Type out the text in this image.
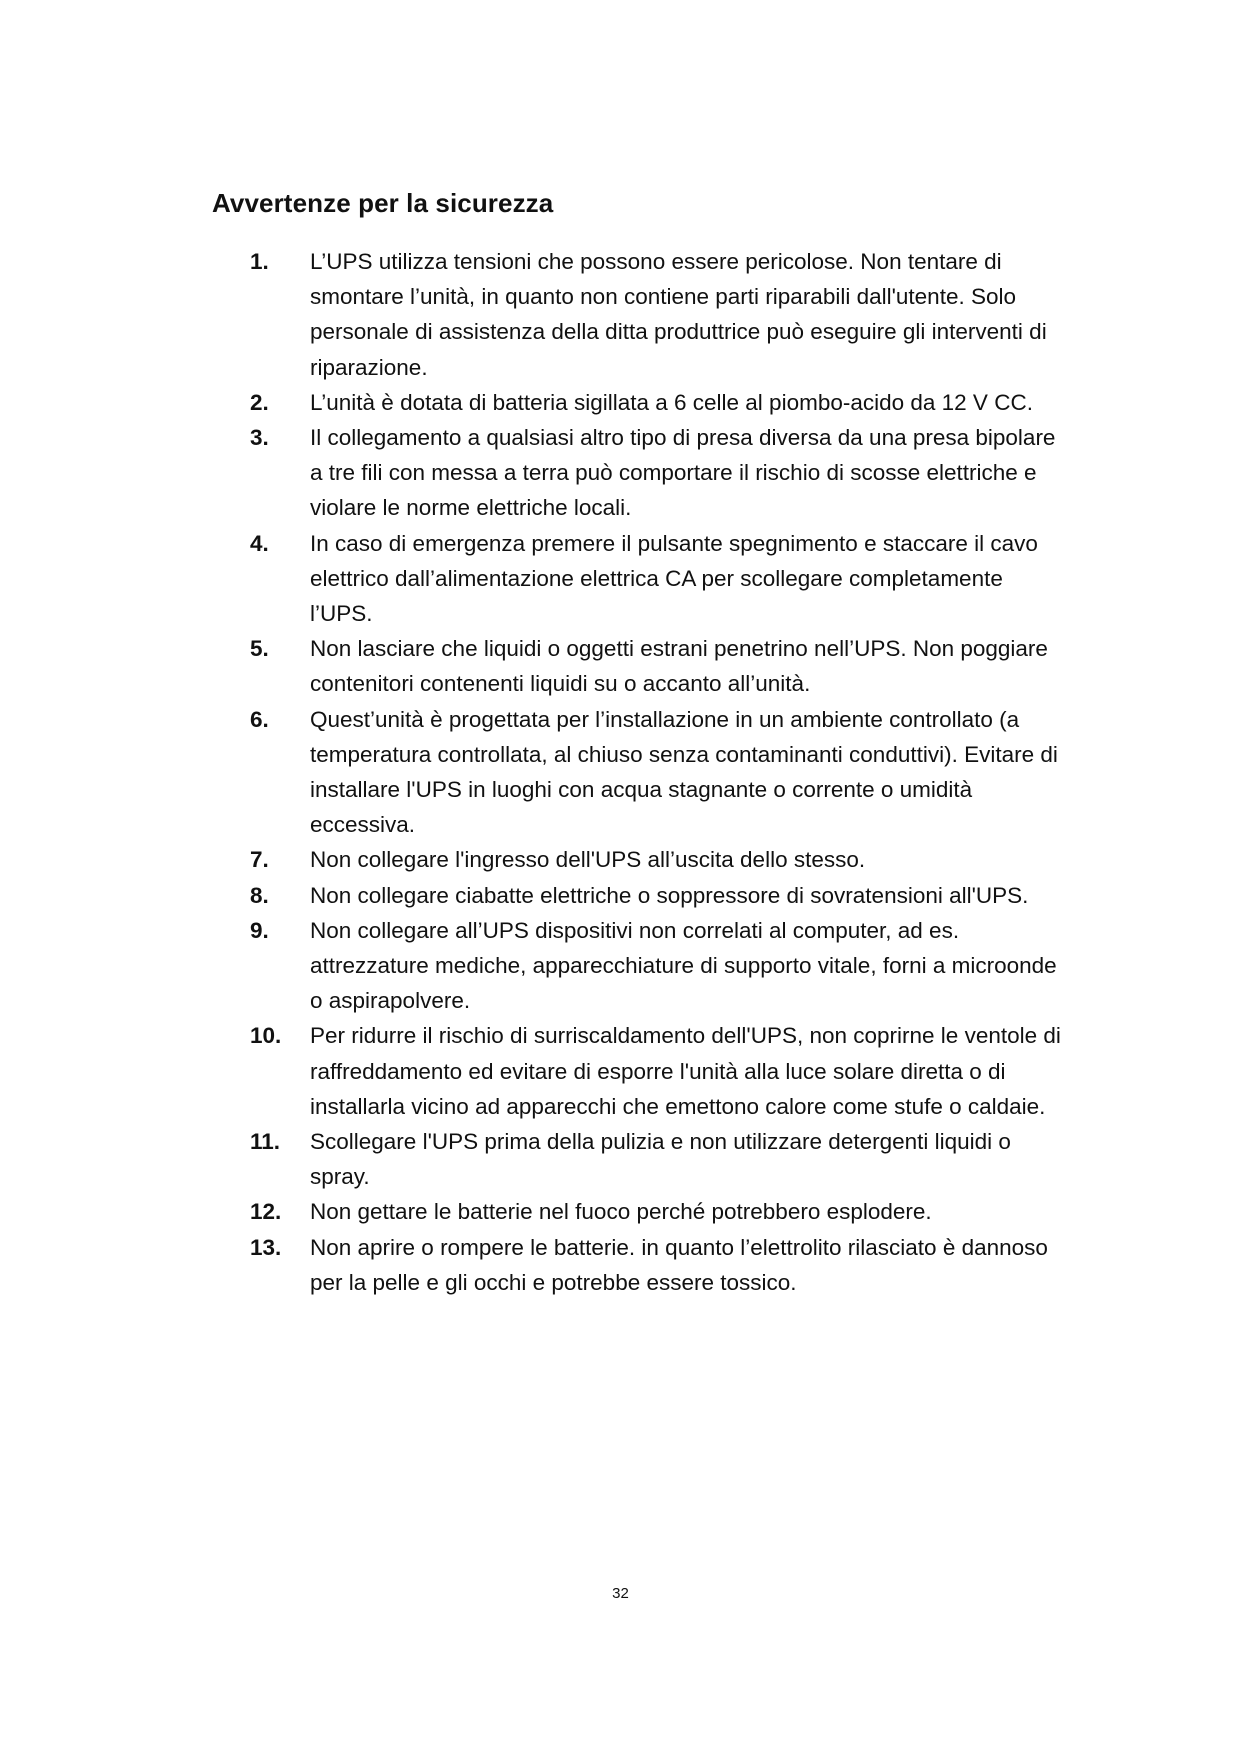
Avvertenze per la sicurezza
1.	L’UPS utilizza tensioni che possono essere pericolose. Non tentare di smontare l’unità, in quanto non contiene parti riparabili dall'utente. Solo personale di assistenza della ditta produttrice può eseguire gli interventi di riparazione.
2.	L’unità è dotata di batteria sigillata a 6 celle al piombo-acido da 12 V CC.
3.	Il collegamento a qualsiasi altro tipo di presa diversa da una presa bipolare a tre fili con messa a terra può comportare il rischio di scosse elettriche e violare le norme elettriche locali.
4.	In caso di emergenza premere il pulsante spegnimento e staccare il cavo elettrico dall’alimentazione elettrica CA per scollegare completamente l’UPS.
5.	Non lasciare che liquidi o oggetti estrani penetrino nell’UPS. Non poggiare contenitori contenenti liquidi su o accanto all’unità.
6.	Quest’unità è progettata per l’installazione in un ambiente controllato (a temperatura controllata, al chiuso senza contaminanti conduttivi). Evitare di installare l'UPS in luoghi con acqua stagnante o corrente o umidità eccessiva.
7.	Non collegare l'ingresso dell'UPS all’uscita dello stesso.
8.	Non collegare ciabatte elettriche o soppressore di sovratensioni all'UPS.
9.	Non collegare all’UPS dispositivi non correlati al computer, ad es. attrezzature mediche, apparecchiature di supporto vitale, forni a microonde o aspirapolvere.
10.	Per ridurre il rischio di surriscaldamento dell'UPS, non coprirne le ventole di raffreddamento ed evitare di esporre l'unità alla luce solare diretta o di installarla vicino ad apparecchi che emettono calore come stufe o caldaie.
11.	Scollegare l'UPS prima della pulizia e non utilizzare detergenti liquidi o spray.
12.	Non gettare le batterie nel fuoco perché potrebbero esplodere.
13.	Non aprire o rompere le batterie. in quanto l’elettrolito rilasciato è dannoso per la pelle e gli occhi e potrebbe essere tossico.
32
